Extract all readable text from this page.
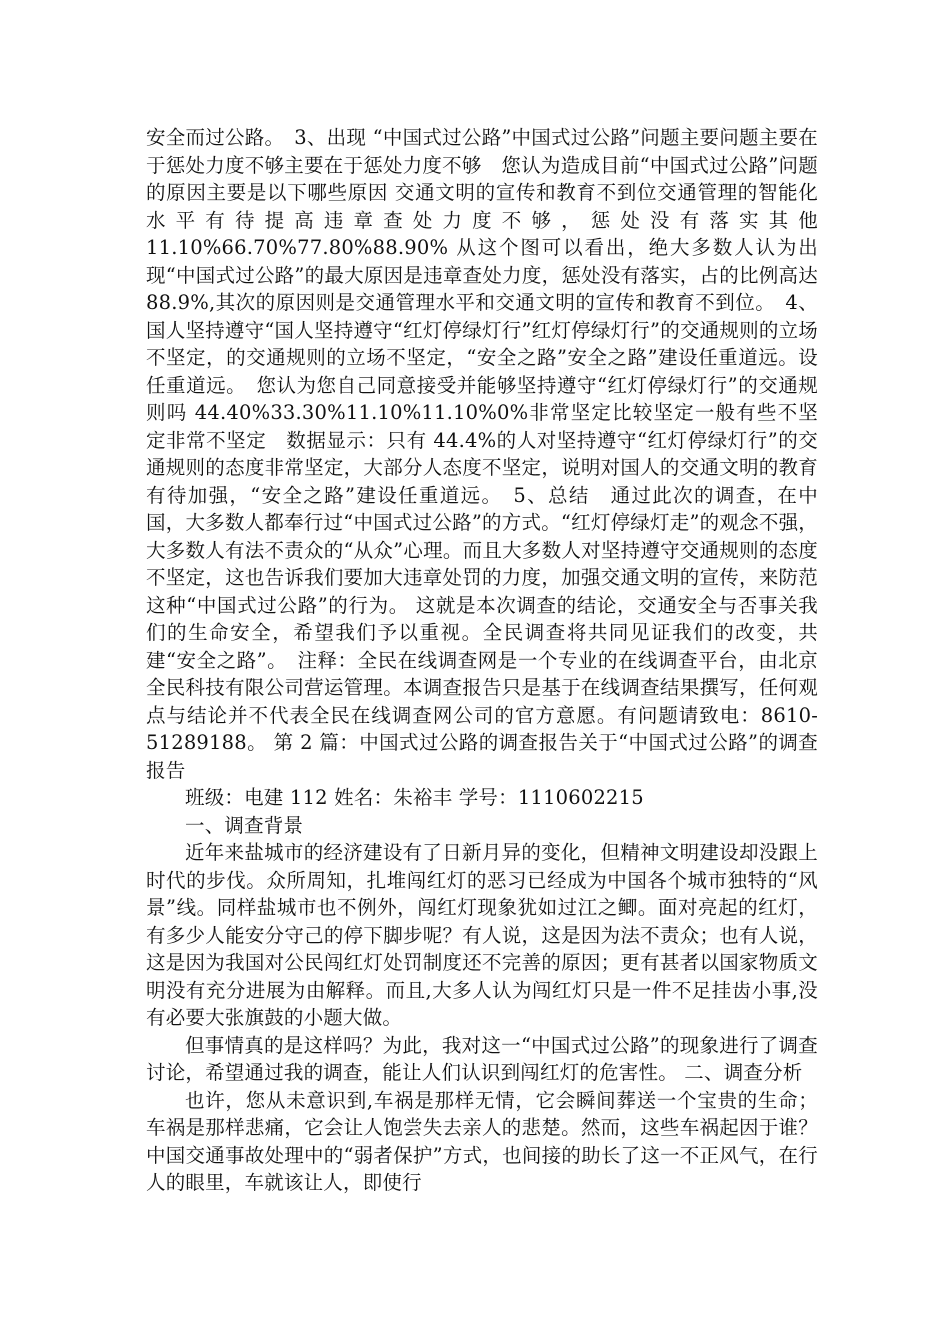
安全而过公路。　3、出现 “中国式过公路”中国式过公路”问题主要问题主要在于惩处力度不够主要在于惩处力度不够　您认为造成目前“中国式过公路”问题的原因主要是以下哪些原因 交通文明的宣传和教育不到位交通管理的智能化水平有待提高违章查处力度不够，惩处没有落实其他 11.10%66.70%77.80%88.90% 从这个图可以看出，绝大多数人认为出现“中国式过公路”的最大原因是违章查处力度，惩处没有落实，占的比例高达 88.9%,其次的原因则是交通管理水平和交通文明的宣传和教育不到位。　4、国人坚持遵守“国人坚持遵守“红灯停绿灯行”红灯停绿灯行”的交通规则的立场不坚定，的交通规则的立场不坚定，“安全之路”安全之路”建设任重道远。设任重道远。　您认为您自己同意接受并能够坚持遵守“红灯停绿灯行”的交通规则吗 44.40%33.30%11.10%11.10%0%非常坚定比较坚定一般有些不坚定非常不坚定　数据显示：只有 44.4%的人对坚持遵守“红灯停绿灯行”的交通规则的态度非常坚定，大部分人态度不坚定，说明对国人的交通文明的教育有待加强，“安全之路”建设任重道远。　5、总结　通过此次的调查，在中国，大多数人都奉行过“中国式过公路”的方式。“红灯停绿灯走”的观念不强，大多数人有法不责众的“从众”心理。而且大多数人对坚持遵守交通规则的态度不坚定，这也告诉我们要加大违章处罚的力度，加强交通文明的宣传，来防范这种“中国式过公路”的行为。 这就是本次调查的结论，交通安全与否事关我们的生命安全，希望我们予以重视。全民调查将共同见证我们的改变，共建“安全之路”。　注释：全民在线调查网是一个专业的在线调查平台，由北京全民科技有限公司营运管理。本调查报告只是基于在线调查结果撰写，任何观点与结论并不代表全民在线调查网公司的官方意愿。有问题请致电：8610-51289188。 第 2 篇：中国式过公路的调查报告关于“中国式过公路”的调查报告

班级：电建 112 姓名：朱裕丰 学号：1110602215

一、调查背景

近年来盐城市的经济建设有了日新月异的变化，但精神文明建设却没跟上时代的步伐。众所周知，扎堆闯红灯的恶习已经成为中国各个城市独特的“风景”线。同样盐城市也不例外，闯红灯现象犹如过江之鲫。面对亮起的红灯，有多少人能安分守己的停下脚步呢？有人说，这是因为法不责众；也有人说，这是因为我国对公民闯红灯处罚制度还不完善的原因；更有甚者以国家物质文明没有充分进展为由解释。而且,大多人认为闯红灯只是一件不足挂齿小事,没有必要大张旗鼓的小题大做。

但事情真的是这样吗？为此，我对这一“中国式过公路”的现象进行了调查讨论，希望通过我的调查，能让人们认识到闯红灯的危害性。 二、调查分析

也许，您从未意识到,车祸是那样无情，它会瞬间葬送一个宝贵的生命；车祸是那样悲痛，它会让人饱尝失去亲人的悲楚。然而，这些车祸起因于谁？中国交通事故处理中的“弱者保护”方式，也间接的助长了这一不正风气，在行人的眼里，车就该让人，即使行
